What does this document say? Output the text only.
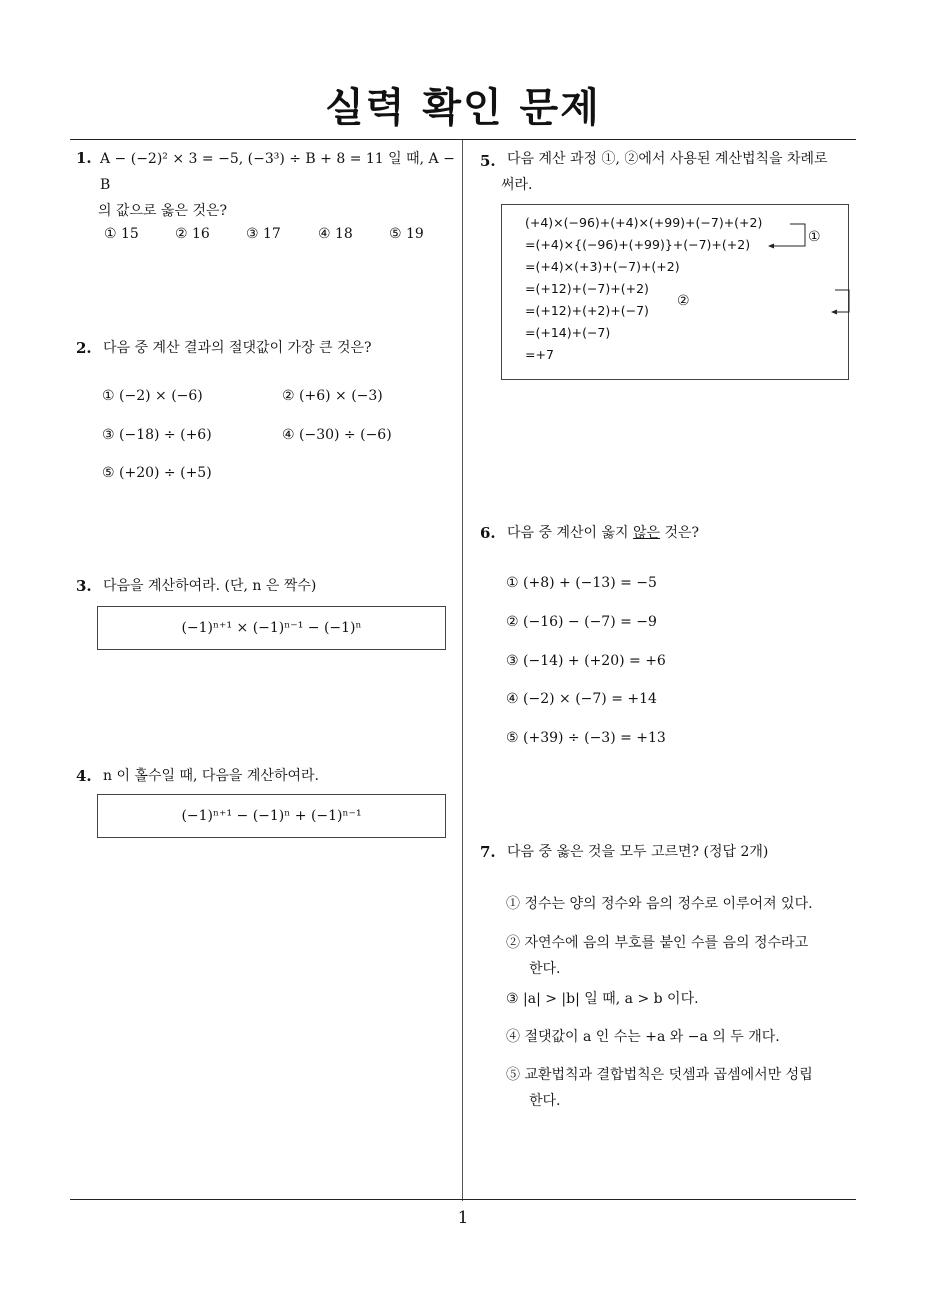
실력 확인 문제
1
1. A − (−2)² × 3 = −5, (−3³) ÷ B + 8 = 11 일 때, A − B
의 값으로 옳은 것은?
① 15	② 16	③ 17	④ 18	⑤ 19
2. 다음 중 계산 결과의 절댓값이 가장 큰 것은?
① (−2) × (−6)	② (+6) × (−3)
③ (−18) ÷ (+6)	④ (−30) ÷ (−6)
⑤ (+20) ÷ (+5)
3. 다음을 계산하여라. (단, n 은 짝수)
(−1)ⁿ⁺¹ × (−1)ⁿ⁻¹ − (−1)ⁿ
4. n 이 홀수일 때, 다음을 계산하여라.
(−1)ⁿ⁺¹ − (−1)ⁿ + (−1)ⁿ⁻¹
5. 다음 계산 과정 ①, ②에서 사용된 계산법칙을 차례로
써라.
(+4)×(−96)+(+4)×(+99)+(−7)+(+2)
=(+4)×{(−96)+(+99)}+(−7)+(+2)
=(+4)×(+3)+(−7)+(+2)
=(+12)+(−7)+(+2)
=(+12)+(+2)+(−7)
=(+14)+(−7)
=+7
①
②
6. 다음 중 계산이 옳지 않은 것은?
① (+8) + (−13) = −5
② (−16) − (−7) = −9
③ (−14) + (+20) = +6
④ (−2) × (−7) = +14
⑤ (+39) ÷ (−3) = +13
7. 다음 중 옳은 것을 모두 고르면? (정답 2개)
① 정수는 양의 정수와 음의 정수로 이루어져 있다.
② 자연수에 음의 부호를 붙인 수를 음의 정수라고
한다.
③ |a| > |b| 일 때, a > b 이다.
④ 절댓값이 a 인 수는 +a 와 −a 의 두 개다.
⑤ 교환법칙과 결합법칙은 덧셈과 곱셈에서만 성립
한다.
